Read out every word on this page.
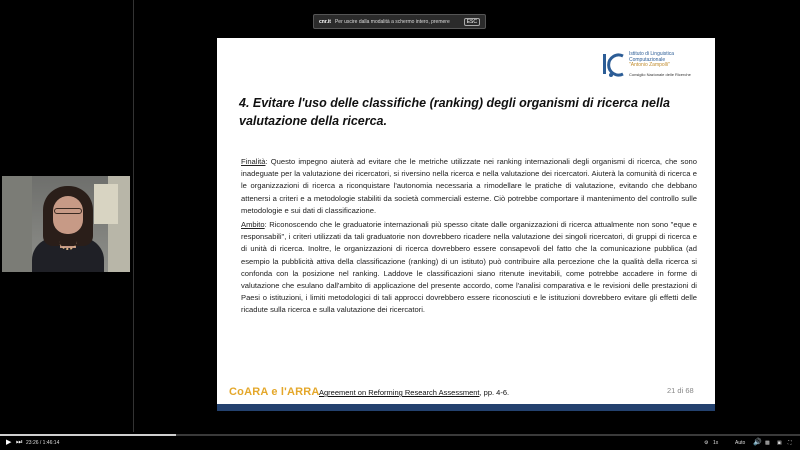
cnr.it Per uscire dalla modalità a schermo intero, premere	ESC
Istituto di Linguistica
Computazionale
"Antonio Zampolli"
Consiglio Nazionale delle Ricerche
4. Evitare l'uso delle classifiche (ranking) degli organismi di ricerca nella valutazione della ricerca.

Finalità: Questo impegno aiuterà ad evitare che le metriche utilizzate nei ranking internazionali degli organismi di ricerca, che sono inadeguate per la valutazione dei ricercatori, si riversino nella ricerca e nella valutazione dei ricercatori. Aiuterà la comunità di ricerca e le organizzazioni di ricerca a riconquistare l'autonomia necessaria a rimodellare le pratiche di valutazione, evitando che debbano attenersi a criteri e a metodologie stabiliti da società commerciali esterne. Ciò potrebbe comportare il mantenimento del controllo sulle metodologie e sui dati di classificazione.

Ambito: Riconoscendo che le graduatorie internazionali più spesso citate dalle organizzazioni di ricerca attualmente non sono "eque e responsabili", i criteri utilizzati da tali graduatorie non dovrebbero ricadere nella valutazione dei singoli ricercatori, di gruppi di ricerca e di unità di ricerca. Inoltre, le organizzazioni di ricerca dovrebbero essere consapevoli del fatto che la comunicazione pubblica (ad esempio la pubblicità attiva della classificazione (ranking) di un istituto) può contribuire alla percezione che la qualità della ricerca si confonda con la posizione nel ranking. Laddove le classificazioni siano ritenute inevitabili, come potrebbe accadere in forme di valutazione che esulano dall'ambito di applicazione del presente accordo, come l'analisi comparativa e le revisioni delle prestazioni di Paesi o istituzioni, i limiti metodologici di tali approcci dovrebbero essere riconosciuti e le istituzioni dovrebbero evitare gli effetti delle ricadute sulla ricerca e sulla valutazione dei ricercatori.

CoARA e l'ARRA Agreement on Reforming Research Assessment, pp. 4-6.	21 di 68
▶ ⏭ 23:26 / 1:46:14	⚙ 1x	Auto 🔊 ▩ ▣ ⛶
